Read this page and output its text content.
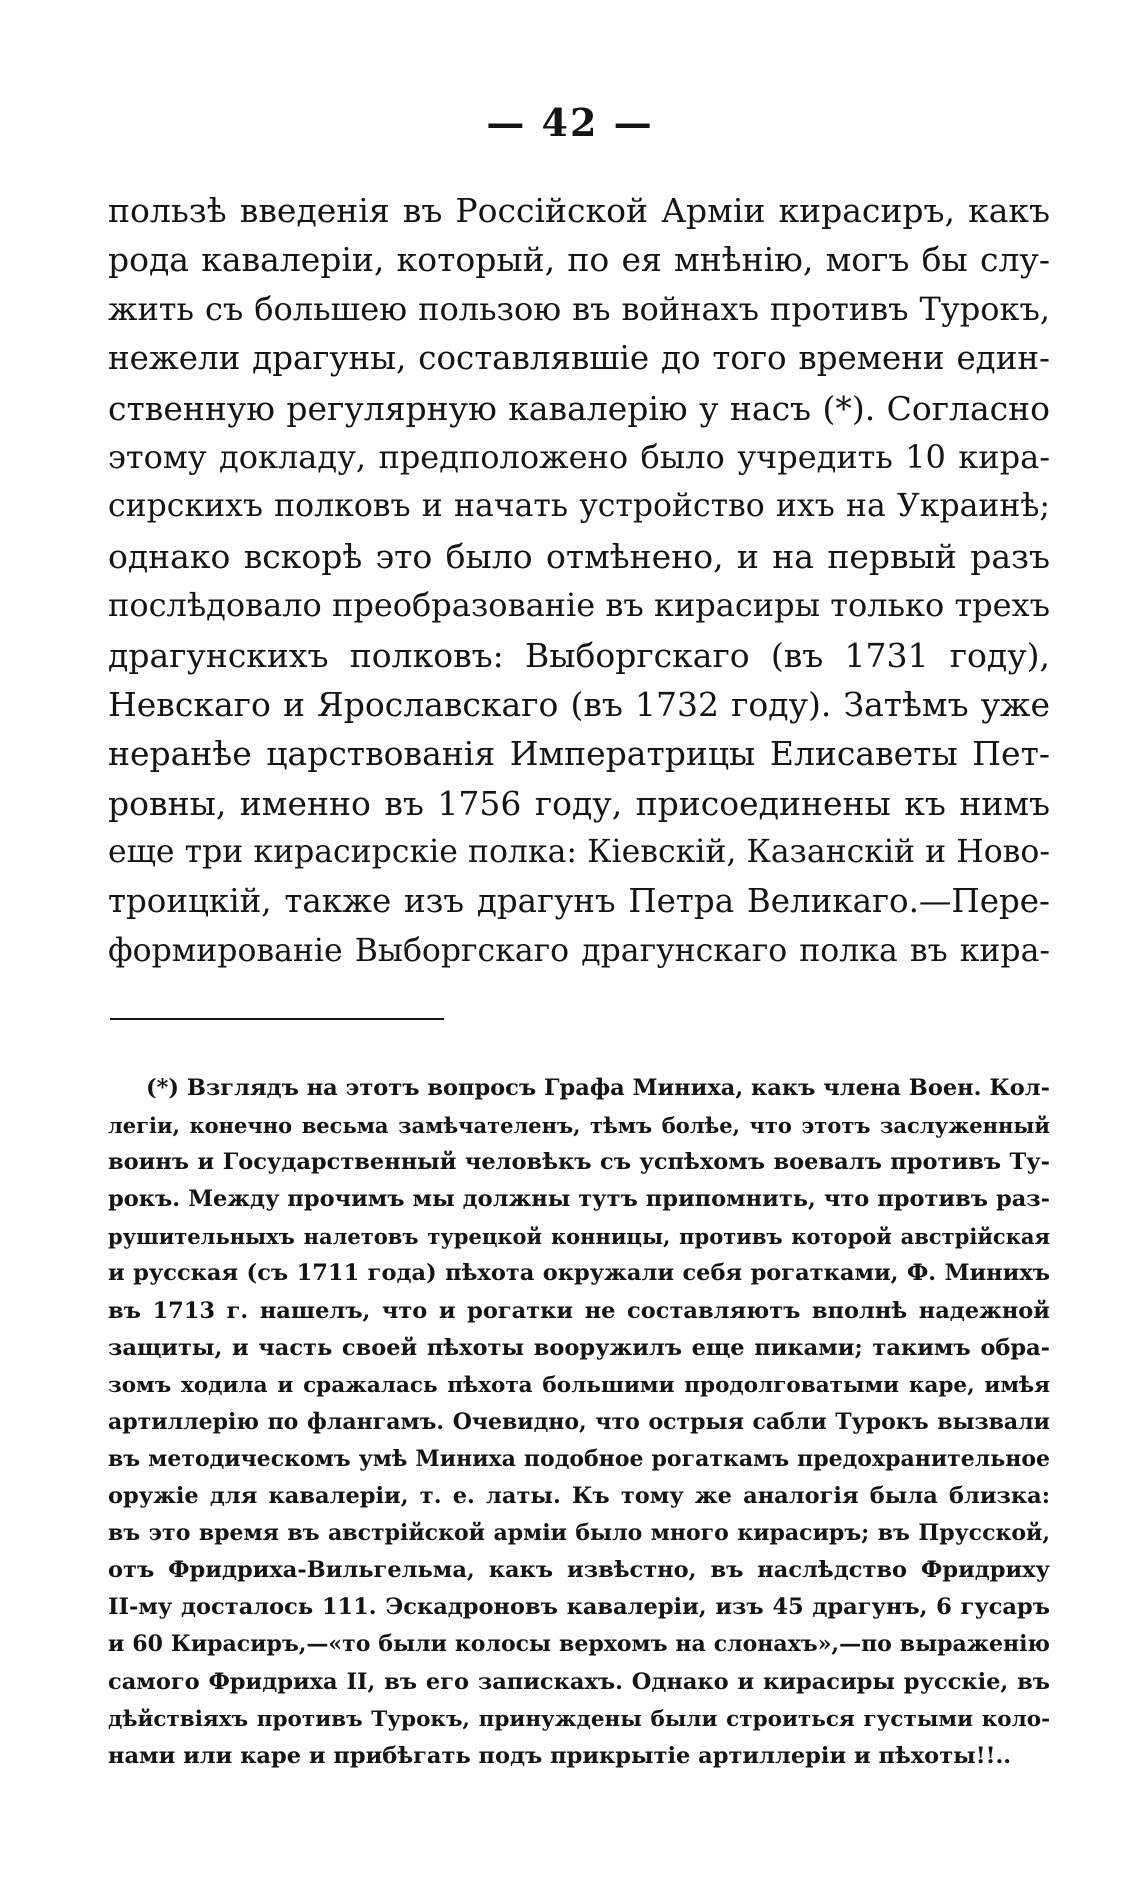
— 42 —
пользѣ введенія въ Россійской Арміи кирасиръ, какъ
рода кавалеріи, который, по ея мнѣнію, могъ бы слу-
жить съ большею пользою въ войнахъ противъ Турокъ,
нежели драгуны, составлявшіе до того времени един-
ственную регулярную кавалерію у насъ (*). Согласно
этому докладу, предположено было учредить 10 кира-
сирскихъ полковъ и начать устройство ихъ на Украинѣ;
однако вскорѣ это было отмѣнено, и на первый разъ
послѣдовало преобразованіе въ кирасиры только трехъ
драгунскихъ полковъ: Выборгскаго (въ 1731 году),
Невскаго и Ярославскаго (въ 1732 году). Затѣмъ уже
неранѣе царствованія Императрицы Елисаветы Пет-
ровны, именно въ 1756 году, присоединены къ нимъ
еще три кирасирскіе полка: Кіевскій, Казанскій и Ново-
троицкій, также изъ драгунъ Петра Великаго.—Пере-
формированіе Выборгскаго драгунскаго полка въ кира-
(*) Взглядъ на этотъ вопросъ Графа Миниха, какъ члена Воен. Кол-
легіи, конечно весьма замѣчателенъ, тѣмъ болѣе, что этотъ заслуженный
воинъ и Государственный человѣкъ съ успѣхомъ воевалъ противъ Ту-
рокъ. Между прочимъ мы должны тутъ припомнить, что противъ раз-
рушительныхъ налетовъ турецкой конницы, противъ которой австрійская
и русская (съ 1711 года) пѣхота окружали себя рогатками, Ф. Минихъ
въ 1713 г. нашелъ, что и рогатки не составляютъ вполнѣ надежной
защиты, и часть своей пѣхоты вооружилъ еще пиками; такимъ обра-
зомъ ходила и сражалась пѣхота большими продолговатыми каре, имѣя
артиллерію по флангамъ. Очевидно, что острыя сабли Турокъ вызвали
въ методическомъ умѣ Миниха подобное рогаткамъ предохранительное
оружіе для кавалеріи, т. е. латы. Къ тому же аналогія была близка:
въ это время въ австрійской арміи было много кирасиръ; въ Прусской,
отъ Фридриха-Вильгельма, какъ извѣстно, въ наслѣдство Фридриху
II-му досталось 111. Эскадроновъ кавалеріи, изъ 45 драгунъ, 6 гусаръ
и 60 Кирасиръ,—«то были колосы верхомъ на слонахъ»,—по выраженію
самого Фридриха II, въ его запискахъ. Однако и кирасиры русскіе, въ
дѣйствіяхъ противъ Турокъ, принуждены были строиться густыми коло-
нами или каре и прибѣгать подъ прикрытіе артиллеріи и пѣхоты!!..
